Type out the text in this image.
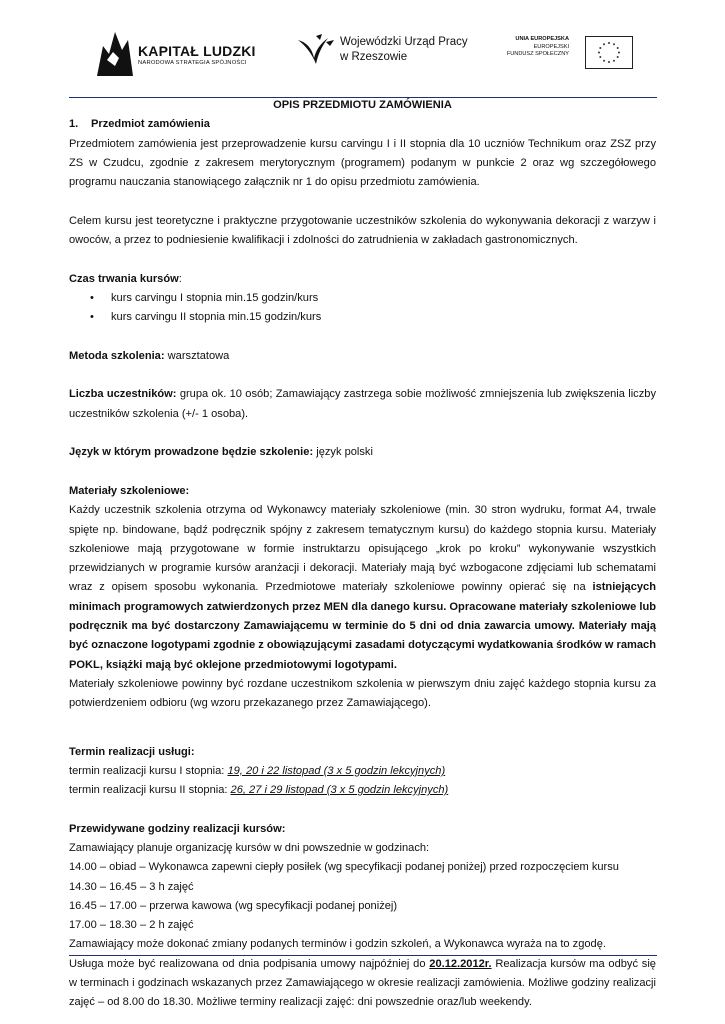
KAPITAŁ LUDZKI
NARODOWA STRATEGIA SPÓJNOŚCI
Wojewódzki Urząd Pracy
w Rzeszowie
UNIA EUROPEJSKA
EUROPEJSKI
FUNDUSZ SPOŁECZNY

OPIS PRZEDMIOTU ZAMÓWIENIA

1. Przedmiot zamówienia

Przedmiotem zamówienia jest przeprowadzenie kursu carvingu I i II stopnia dla 10 uczniów Technikum oraz ZSZ przy ZS w Czudcu, zgodnie z zakresem merytorycznym (programem) podanym w punkcie 2 oraz wg szczegółowego programu nauczania stanowiącego załącznik nr 1 do opisu przedmiotu zamówienia.

Celem kursu jest teoretyczne i praktyczne przygotowanie uczestników szkolenia do wykonywania dekoracji z warzyw i owoców, a przez to podniesienie kwalifikacji i zdolności do zatrudnienia w zakładach gastronomicznych.

Czas trwania kursów:

• kurs carvingu I stopnia min.15 godzin/kurs
• kurs carvingu II stopnia min.15 godzin/kurs

Metoda szkolenia: warsztatowa

Liczba uczestników: grupa ok. 10 osób; Zamawiający zastrzega sobie możliwość zmniejszenia lub zwiększenia liczby uczestników szkolenia (+/- 1 osoba).

Język w którym prowadzone będzie szkolenie: język polski

Materiały szkoleniowe:

Każdy uczestnik szkolenia otrzyma od Wykonawcy materiały szkoleniowe (min. 30 stron wydruku, format A4, trwale spięte np. bindowane, bądź podręcznik spójny z zakresem tematycznym kursu) do każdego stopnia kursu. Materiały szkoleniowe mają przygotowane w formie instruktarzu opisującego „krok po kroku” wykonywanie wszystkich przewidzianych w programie kursów aranżacji i dekoracji. Materiały mają być wzbogacone zdjęciami lub schematami wraz z opisem sposobu wykonania. Przedmiotowe materiały szkoleniowe powinny opierać się na istniejących minimach programowych zatwierdzonych przez MEN dla danego kursu. Opracowane materiały szkoleniowe lub podręcznik ma być dostarczony Zamawiającemu w terminie do 5 dni od dnia zawarcia umowy. Materiały mają być oznaczone logotypami zgodnie z obowiązującymi zasadami dotyczącymi wydatkowania środków w ramach POKL, książki mają być oklejone przedmiotowymi logotypami.

Materiały szkoleniowe powinny być rozdane uczestnikom szkolenia w pierwszym dniu zajęć każdego stopnia kursu za potwierdzeniem odbioru (wg wzoru przekazanego przez Zamawiającego).

Termin realizacji usługi:

termin realizacji kursu I stopnia: 19, 20 i 22 listopad (3 x 5 godzin lekcyjnych)

termin realizacji kursu II stopnia: 26, 27 i 29 listopad (3 x 5 godzin lekcyjnych)

Przewidywane godziny realizacji kursów:

Zamawiający planuje organizację kursów w dni powszednie w godzinach:

14.00 – obiad – Wykonawca zapewni ciepły posiłek (wg specyfikacji podanej poniżej) przed rozpoczęciem kursu

14.30 – 16.45 – 3 h zajęć

16.45 – 17.00 – przerwa kawowa (wg specyfikacji podanej poniżej)

17.00 – 18.30 – 2 h zajęć

Zamawiający może dokonać zmiany podanych terminów i godzin szkoleń, a Wykonawca wyraża na to zgodę.

Usługa może być realizowana od dnia podpisania umowy najpóźniej do 20.12.2012r. Realizacja kursów ma odbyć się w terminach i godzinach wskazanych przez Zamawiającego w okresie realizacji zamówienia. Możliwe godziny realizacji zajęć – od 8.00 do 18.30. Możliwe terminy realizacji zajęć: dni powszednie oraz/lub weekendy.
